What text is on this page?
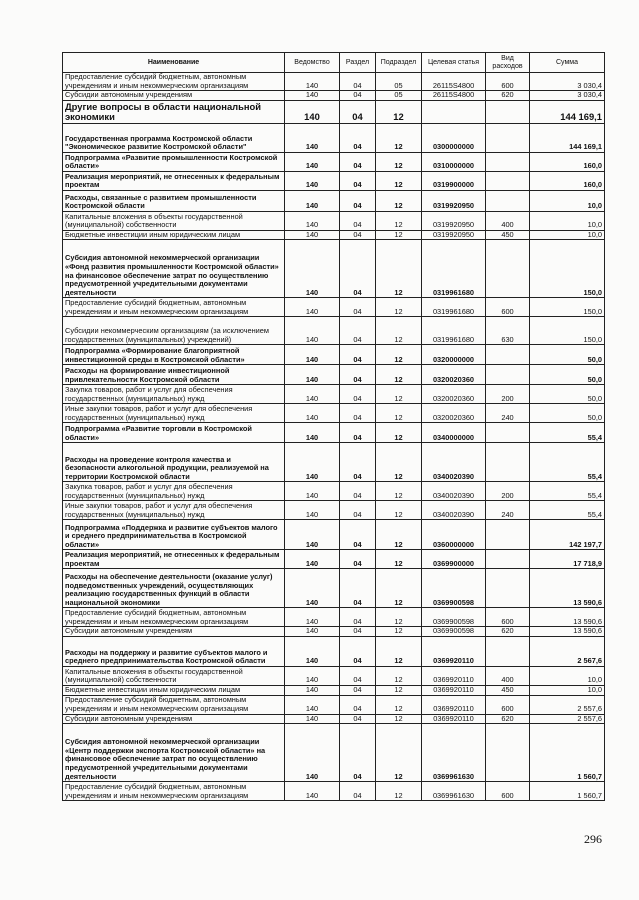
Наименование	Ведомство	Раздел	Подраздел	Целевая статья	Вид расходов	Сумма
Предоставление субсидий бюджетным, автономным учреждениям и иным некоммерческим организациям	140	04	05	26115S4800	600	3 030,4
Субсидии автономным учреждениям	140	04	05	26115S4800	620	3 030,4
Другие вопросы в области национальной экономики	140	04	12			144 169,1
Государственная программа Костромской области "Экономическое развитие Костромской области"	140	04	12	0300000000		144 169,1
Подпрограмма «Развитие промышленности Костромской области»	140	04	12	0310000000		160,0
Реализация мероприятий, не отнесенных к федеральным проектам	140	04	12	0319900000		160,0
Расходы, связанные с развитием промышленности Костромской области	140	04	12	0319920950		10,0
Капитальные вложения в объекты государственной (муниципальной) собственности	140	04	12	0319920950	400	10,0
Бюджетные инвестиции иным юридическим лицам	140	04	12	0319920950	450	10,0
Субсидия автономной некоммерческой организации «Фонд развития промышленности Костромской области» на финансовое обеспечение затрат по осуществлению предусмотренной учредительными документами деятельности	140	04	12	0319961680		150,0
Предоставление субсидий бюджетным, автономным учреждениям и иным некоммерческим организациям	140	04	12	0319961680	600	150,0
Субсидии некоммерческим организациям (за исключением государственных (муниципальных) учреждений)	140	04	12	0319961680	630	150,0
Подпрограмма «Формирование благоприятной инвестиционной среды в Костромской области»	140	04	12	0320000000		50,0
Расходы на формирование инвестиционной привлекательности Костромской области	140	04	12	0320020360		50,0
Закупка товаров, работ и услуг для обеспечения государственных (муниципальных) нужд	140	04	12	0320020360	200	50,0
Иные закупки товаров, работ и услуг для обеспечения государственных (муниципальных) нужд	140	04	12	0320020360	240	50,0
Подпрограмма «Развитие торговли в Костромской области»	140	04	12	0340000000		55,4
Расходы на проведение контроля качества и безопасности алкогольной продукции, реализуемой на территории Костромской области	140	04	12	0340020390		55,4
Закупка товаров, работ и услуг для обеспечения государственных (муниципальных) нужд	140	04	12	0340020390	200	55,4
Иные закупки товаров, работ и услуг для обеспечения государственных (муниципальных) нужд	140	04	12	0340020390	240	55,4
Подпрограмма «Поддержка и развитие субъектов малого и среднего предпринимательства в Костромской области»	140	04	12	0360000000		142 197,7
Реализация мероприятий, не отнесенных к федеральным проектам	140	04	12	0369900000		17 718,9
Расходы на обеспечение деятельности (оказание услуг) подведомственных учреждений, осуществляющих реализацию государственных функций в области национальной экономики	140	04	12	0369900598		13 590,6
Предоставление субсидий бюджетным, автономным учреждениям и иным некоммерческим организациям	140	04	12	0369900598	600	13 590,6
Субсидии автономным учреждениям	140	04	12	0369900598	620	13 590,6
Расходы на поддержку и развитие субъектов малого и среднего предпринимательства Костромской области	140	04	12	0369920110		2 567,6
Капитальные вложения в объекты государственной (муниципальной) собственности	140	04	12	0369920110	400	10,0
Бюджетные инвестиции иным юридическим лицам	140	04	12	0369920110	450	10,0
Предоставление субсидий бюджетным, автономным учреждениям и иным некоммерческим организациям	140	04	12	0369920110	600	2 557,6
Субсидии автономным учреждениям	140	04	12	0369920110	620	2 557,6
Субсидия автономной некоммерческой организации «Центр поддержки экспорта Костромской области» на финансовое обеспечение затрат по осуществлению предусмотренной учредительными документами деятельности	140	04	12	0369961630		1 560,7
Предоставление субсидий бюджетным, автономным учреждениям и иным некоммерческим организациям	140	04	12	0369961630	600	1 560,7
296
